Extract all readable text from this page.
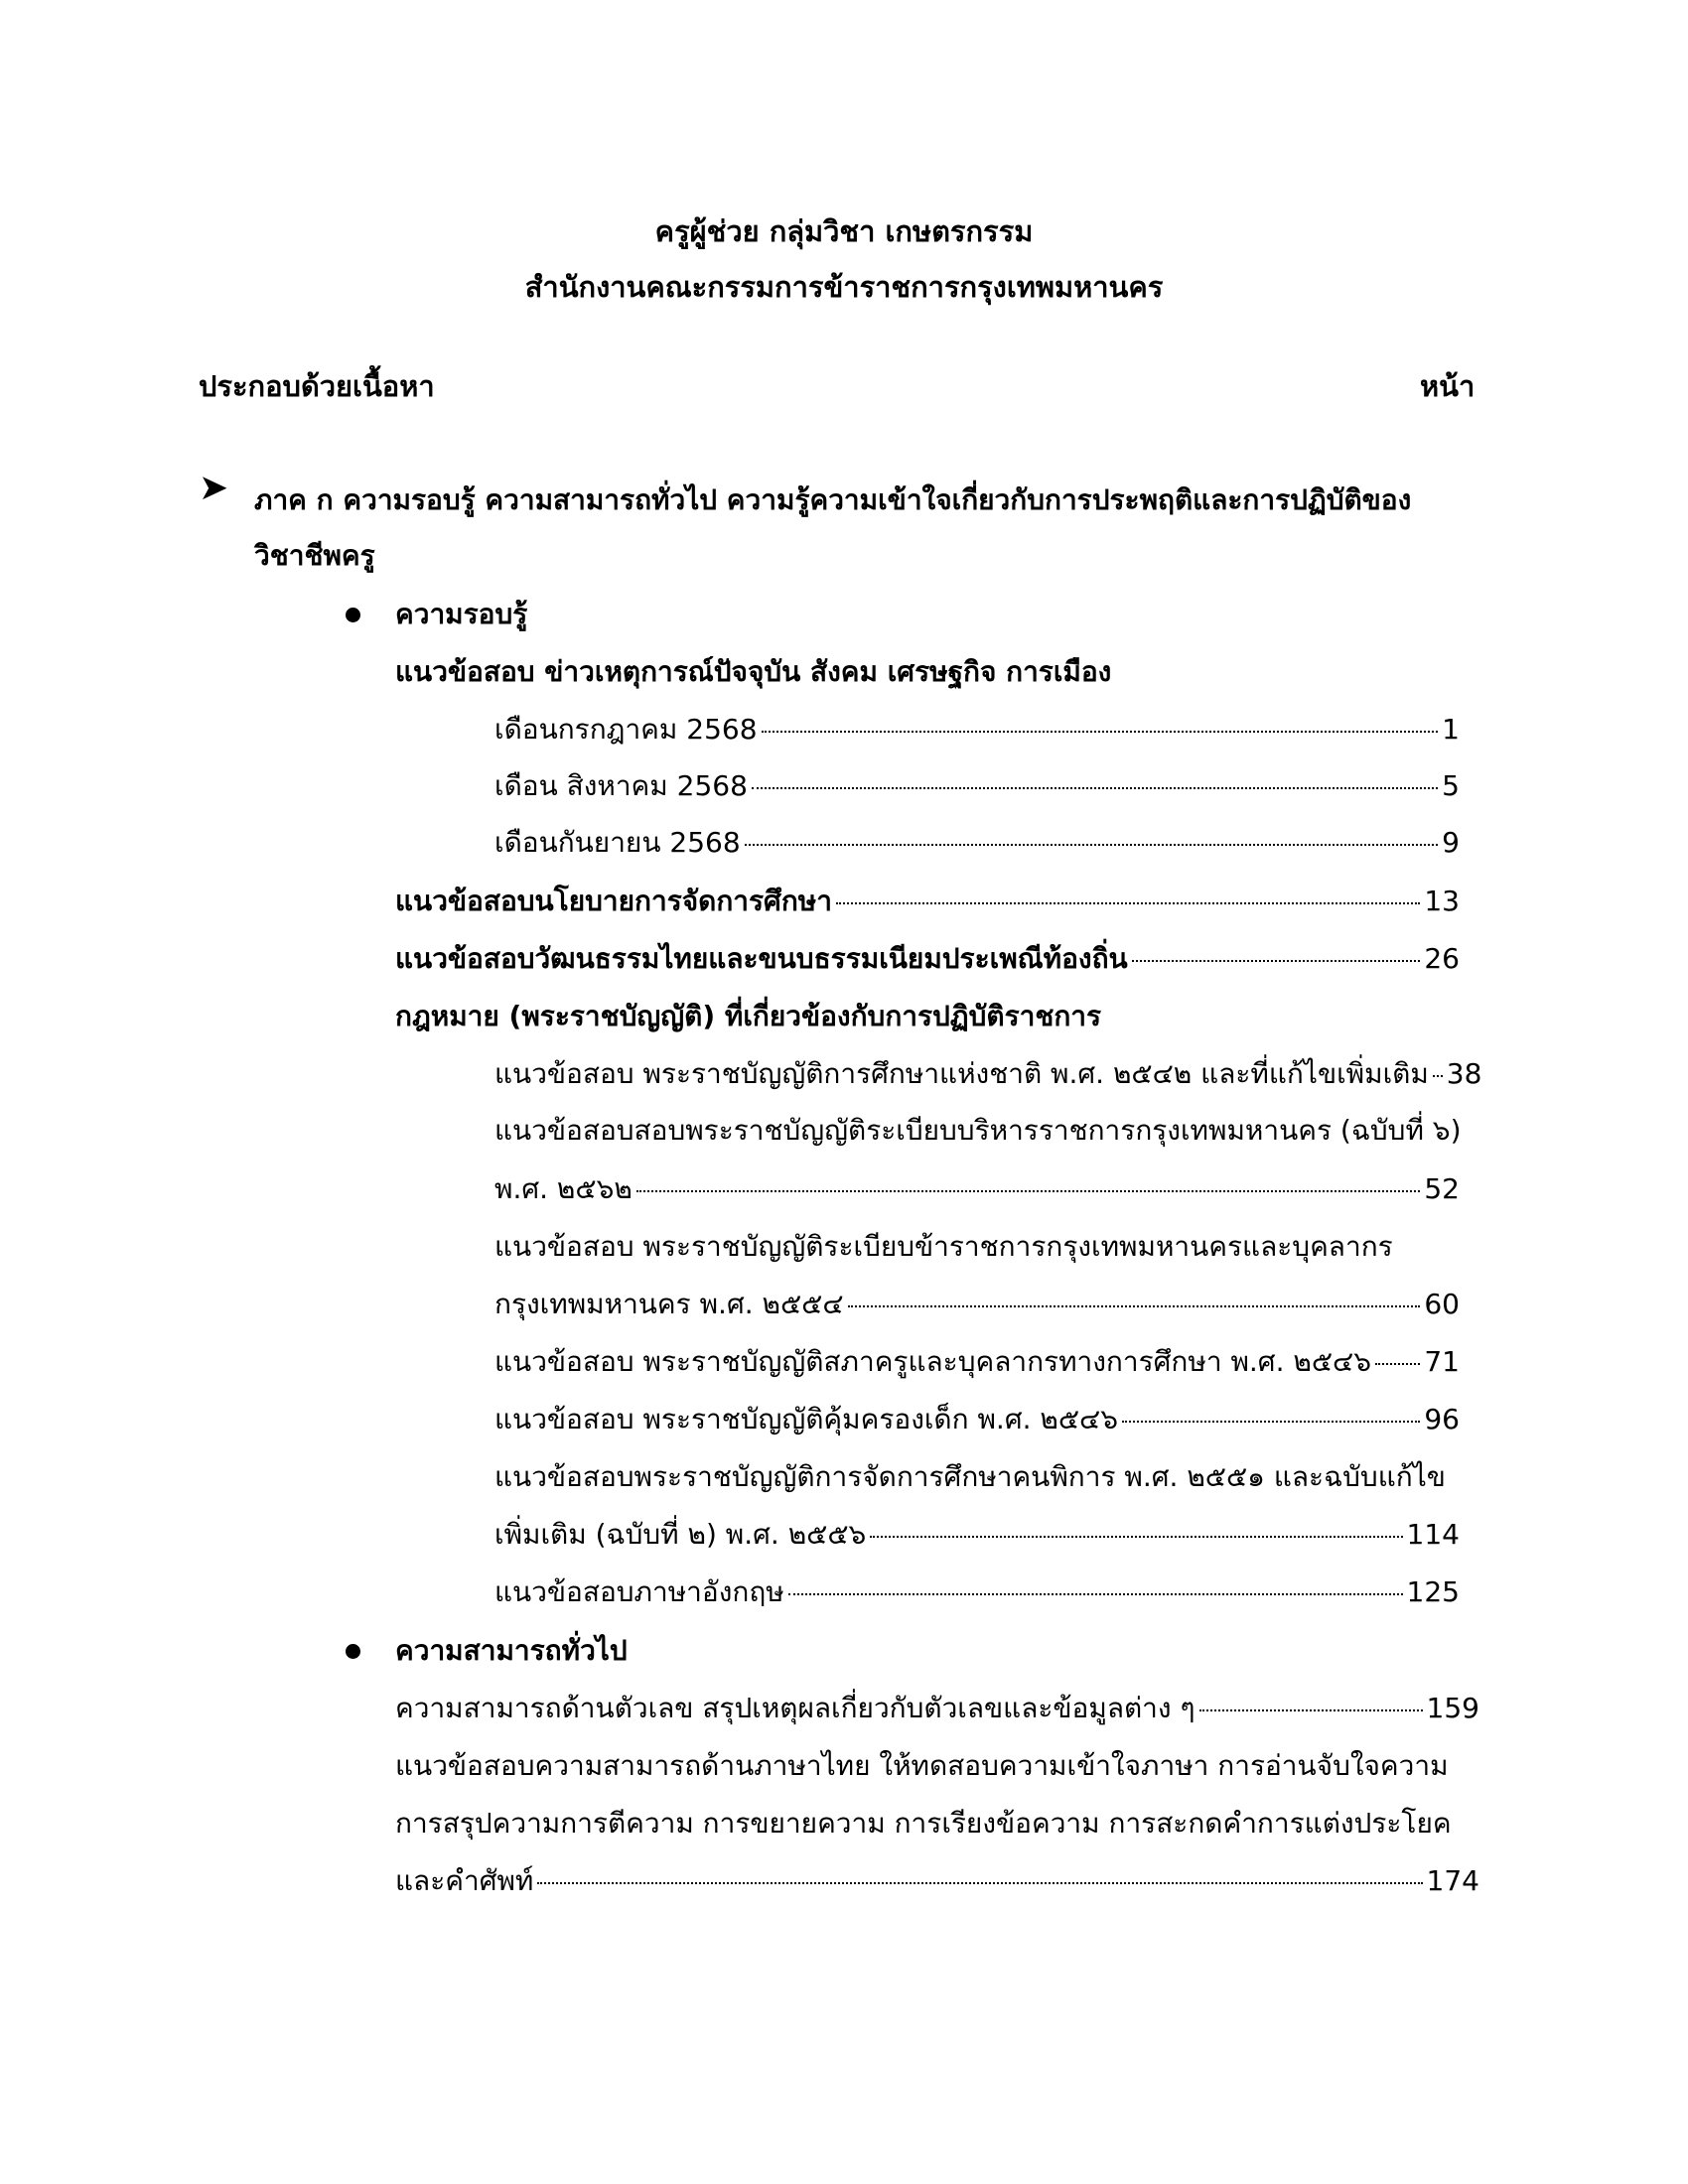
ครูผู้ช่วย กลุ่มวิชา เกษตรกรรม
สำนักงานคณะกรรมการข้าราชการกรุงเทพมหานคร
ประกอบด้วยเนื้อหา	หน้า
➤ ภาค ก ความรอบรู้ ความสามารถทั่วไป ความรู้ความเข้าใจเกี่ยวกับการประพฤติและการปฏิบัติของ
วิชาชีพครู
ความรอบรู้
แนวข้อสอบ ข่าวเหตุการณ์ปัจจุบัน สังคม เศรษฐกิจ การเมือง
เดือนกรกฎาคม 2568	1
เดือน สิงหาคม 2568	5
เดือนกันยายน 2568	9
แนวข้อสอบนโยบายการจัดการศึกษา	13
แนวข้อสอบวัฒนธรรมไทยและขนบธรรมเนียมประเพณีท้องถิ่น	26
กฎหมาย (พระราชบัญญัติ) ที่เกี่ยวข้องกับการปฏิบัติราชการ
แนวข้อสอบ พระราชบัญญัติการศึกษาแห่งชาติ พ.ศ. ๒๕๔๒ และที่แก้ไขเพิ่มเติม 38
แนวข้อสอบสอบพระราชบัญญัติระเบียบบริหารราชการกรุงเทพมหานคร (ฉบับที่ ๖)
พ.ศ. ๒๕๖๒	52
แนวข้อสอบ พระราชบัญญัติระเบียบข้าราชการกรุงเทพมหานครและบุคลากร
กรุงเทพมหานคร พ.ศ. ๒๕๕๔	60
แนวข้อสอบ พระราชบัญญัติสภาครูและบุคลากรทางการศึกษา พ.ศ. ๒๕๔๖ 71
แนวข้อสอบ พระราชบัญญัติคุ้มครองเด็ก พ.ศ. ๒๕๔๖	96
แนวข้อสอบพระราชบัญญัติการจัดการศึกษาคนพิการ พ.ศ. ๒๕๕๑ และฉบับแก้ไข
เพิ่มเติม (ฉบับที่ ๒) พ.ศ. ๒๕๕๖	114
แนวข้อสอบภาษาอังกฤษ	125
ความสามารถทั่วไป
ความสามารถด้านตัวเลข สรุปเหตุผลเกี่ยวกับตัวเลขและข้อมูลต่าง ๆ	159
แนวข้อสอบความสามารถด้านภาษาไทย ให้ทดสอบความเข้าใจภาษา การอ่านจับใจความ
การสรุปความการตีความ การขยายความ การเรียงข้อความ การสะกดคำการแต่งประโยค
และคำศัพท์	174
